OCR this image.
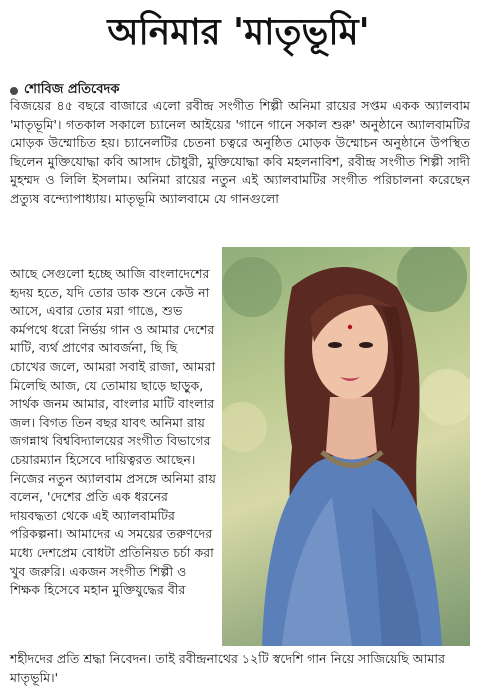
অনিমার 'মাতৃভূমি'
শোবিজ প্রতিবেদক
বিজয়ের ৪৫ বছরে বাজারে এলো রবীন্দ্র সংগীত শিল্পী অনিমা রায়ের সপ্তম একক অ্যালবাম 'মাতৃভূমি'। গতকাল সকালে চ্যানেল আইয়ের 'গানে গানে সকাল শুরু' অনুষ্ঠানে অ্যালবামটির মোড়ক উম্মোচিত হয়। চ্যানেলটির চেতনা চত্বরে অনুষ্ঠিত মোড়ক উম্মোচন অনুষ্ঠানে উপস্থিত ছিলেন মুক্তিযোদ্ধা কবি আসাদ চৌধুরী, মুক্তিযোদ্ধা কবি মহলনাবিশ, রবীন্দ্র সংগীত শিল্পী সাদী মুহম্মদ ও লিলি ইসলাম। অনিমা রায়ের নতুন এই অ্যালবামটির সংগীত পরিচালনা করেছেন প্রত্যুষ বন্দ্যোপাধ্যায়। মাতৃভূমি অ্যালবামে যে গানগুলো
আছে সেগুলো হচ্ছে আজি বাংলাদেশের হৃদয় হতে, যদি তোর ডাক শুনে কেউ না আসে, এবার তোর মরা গাঙে, শুভ কর্মপথে ধরো নির্ভয় গান ও আমার দেশের মাটি, ব্যর্থ প্রাণের আবর্জনা, ছি ছি চোখের জলে, আমরা সবাই রাজা, আমরা মিলেছি আজ, যে তোমায় ছাড়ে ছাড়ুক, সার্থক জনম আমার, বাংলার মাটি বাংলার জল। বিগত তিন বছর যাবৎ অনিমা রায় জগন্নাথ বিশ্ববিদ্যালয়ের সংগীত বিভাগের চেয়ারম্যান হিসেবে দায়িত্বরত আছেন। নিজের নতুন অ্যালবাম প্রসঙ্গে অনিমা রায় বলেন, 'দেশের প্রতি এক ধরনের দায়বদ্ধতা থেকে এই অ্যালবামটির পরিকল্পনা। আমাদের এ সময়ের তরুণদের মধ্যে দেশপ্রেম বোধটা প্রতিনিয়ত চর্চা করা খুব জরুরি। একজন সংগীত শিল্পী ও শিক্ষক হিসেবে মহান মুক্তিযুদ্ধের বীর
শহীদদের প্রতি শ্রদ্ধা নিবেদন। তাই রবীন্দ্রনাথের ১২টি স্বদেশি গান নিয়ে সাজিয়েছি আমার মাতৃভূমি।'
